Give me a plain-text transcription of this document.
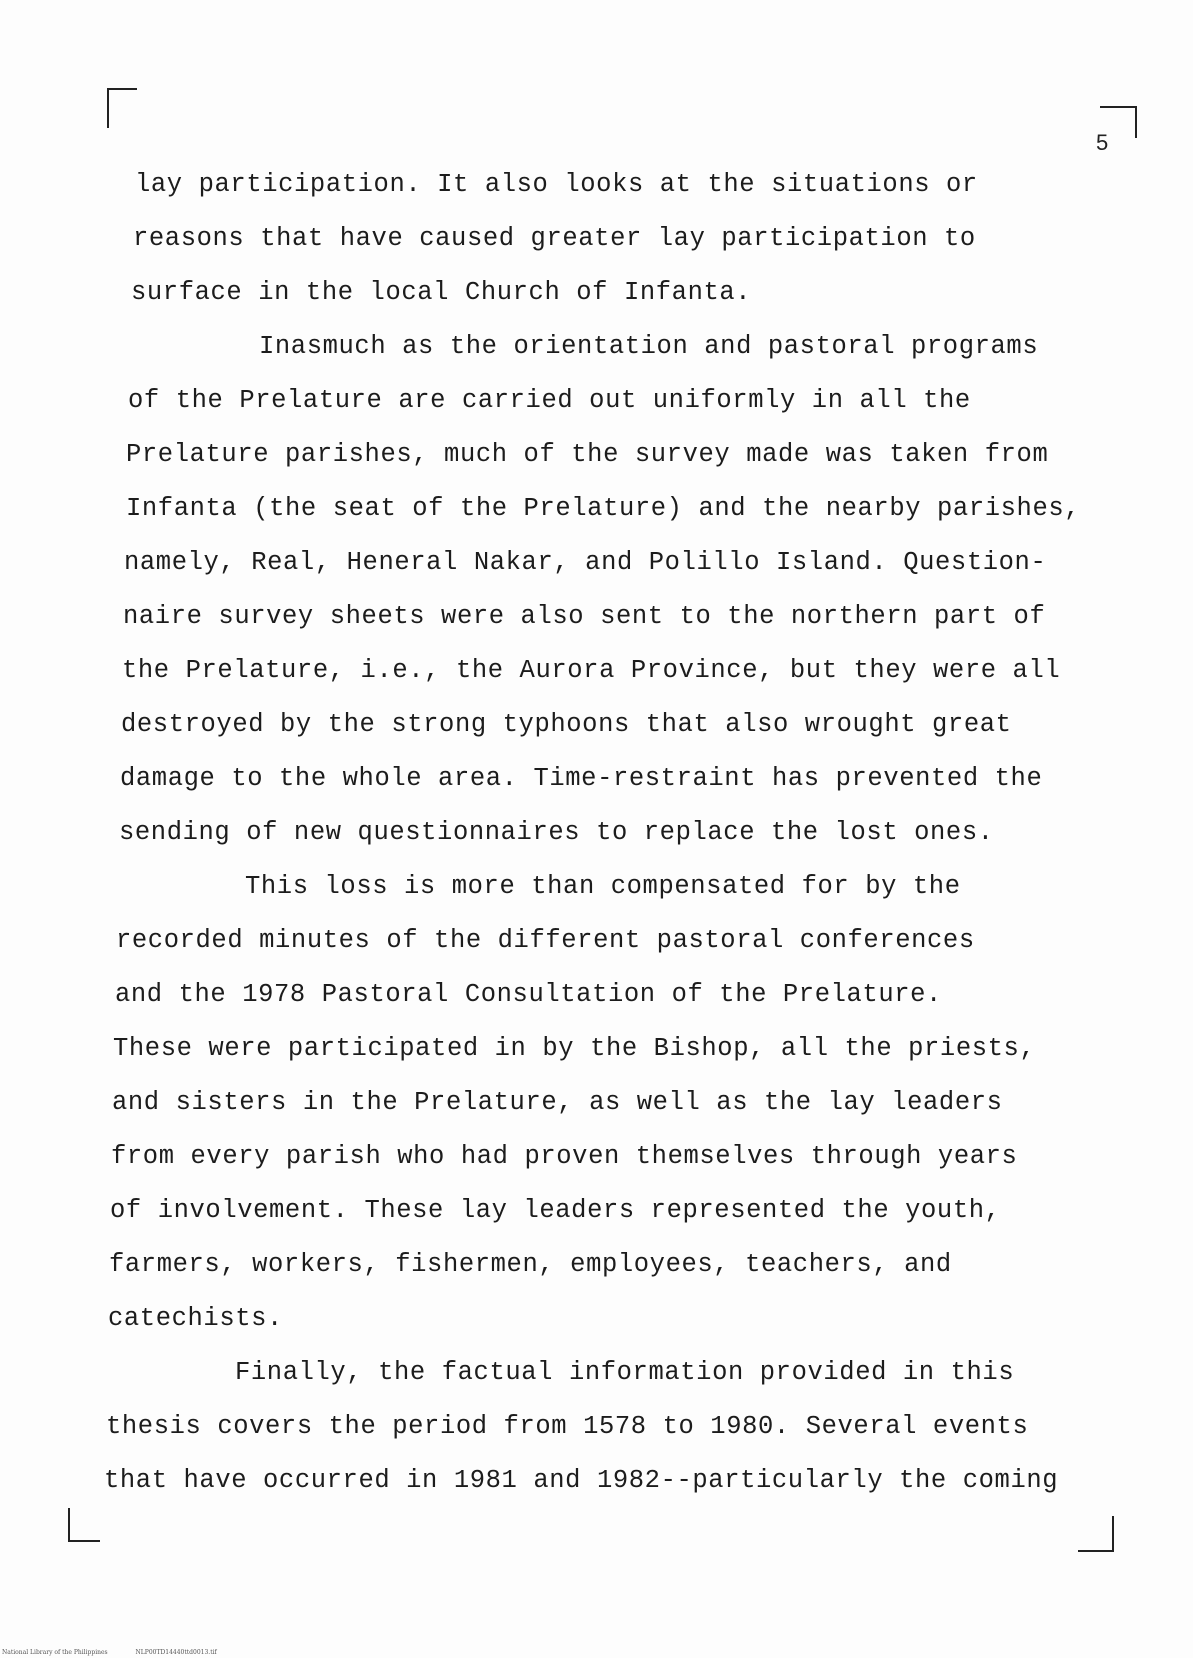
5
lay participation. It also looks at the situations or
reasons that have caused greater lay participation to
surface in the local Church of Infanta.
Inasmuch as the orientation and pastoral programs
of the Prelature are carried out uniformly in all the
Prelature parishes, much of the survey made was taken from
Infanta (the seat of the Prelature) and the nearby parishes,
namely, Real, Heneral Nakar, and Polillo Island. Question-
naire survey sheets were also sent to the northern part of
the Prelature, i.e., the Aurora Province, but they were all
destroyed by the strong typhoons that also wrought great
damage to the whole area. Time-restraint has prevented the
sending of new questionnaires to replace the lost ones.
This loss is more than compensated for by the
recorded minutes of the different pastoral conferences
and the 1978 Pastoral Consultation of the Prelature.
These were participated in by the Bishop, all the priests,
and sisters in the Prelature, as well as the lay leaders
from every parish who had proven themselves through years
of involvement. These lay leaders represented the youth,
farmers, workers, fishermen, employees, teachers, and
catechists.
Finally, the factual information provided in this
thesis covers the period from 1578 to 1980. Several events
that have occurred in 1981 and 1982--particularly the coming
National Library of the Philippines	NLP00TD14440ttd0013.tif
